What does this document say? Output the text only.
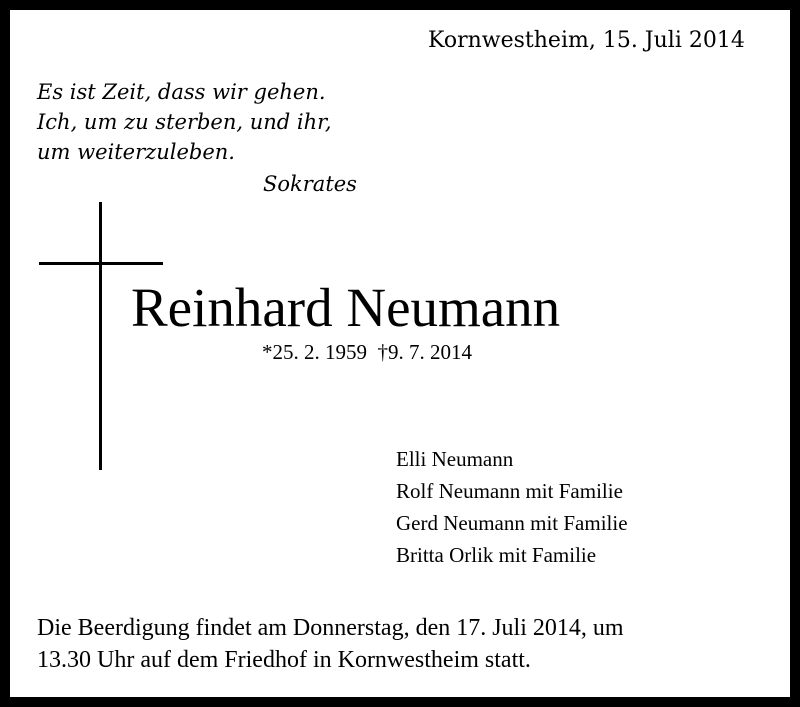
Kornwestheim, 15. Juli 2014
Es ist Zeit, dass wir gehen.
Ich, um zu sterben, und ihr,
um weiterzuleben.
Sokrates
Reinhard Neumann
*25. 2. 1959 †9. 7. 2014
Elli Neumann
Rolf Neumann mit Familie
Gerd Neumann mit Familie
Britta Orlik mit Familie
Die Beerdigung findet am Donnerstag, den 17. Juli 2014, um
13.30 Uhr auf dem Friedhof in Kornwestheim statt.
